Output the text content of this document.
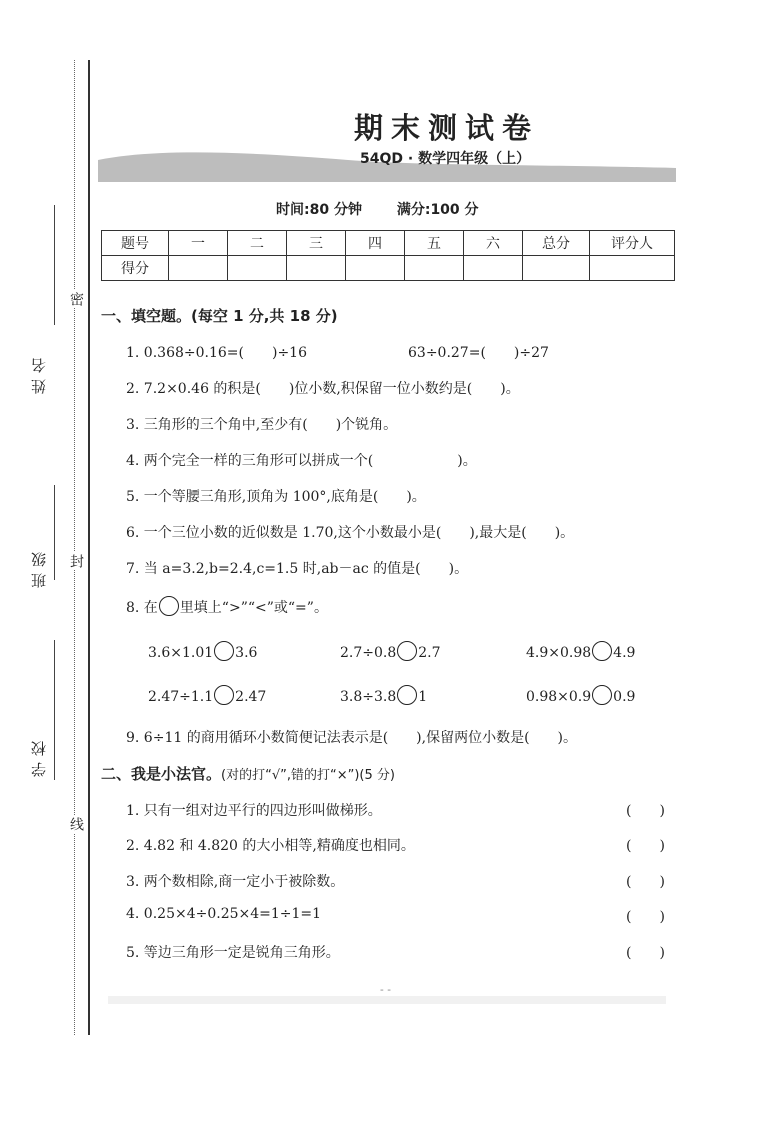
姓名
班级
学校
密
封
线
期末测试卷
54QD · 数学四年级（上）
时间:80 分钟 满分:100 分
题号	一	二	三	四	五	六	总分	评分人
得分								
一、填空题。(每空 1 分,共 18 分)
1. 0.368÷0.16=(　　)÷16	63÷0.27=(　　)÷27
2. 7.2×0.46 的积是(　　)位小数,积保留一位小数约是(　　)。
3. 三角形的三个角中,至少有(　　)个锐角。
4. 两个完全一样的三角形可以拼成一个(　　　　　　)。
5. 一个等腰三角形,顶角为 100°,底角是(　　)。
6. 一个三位小数的近似数是 1.70,这个小数最小是(　　),最大是(　　)。
7. 当 a=3.2,b=2.4,c=1.5 时,ab－ac 的值是(　　)。
8. 在 里填上“>”“<”或“=”。
3.6×1.01 3.6	2.7÷0.8 2.7	4.9×0.98 4.9
2.47÷1.1 2.47	3.8÷3.8 1	0.98×0.9 0.9
9. 6÷11 的商用循环小数简便记法表示是(　　),保留两位小数是(　　)。
二、我是小法官。(对的打“√”,错的打“×”)(5 分)
1. 只有一组对边平行的四边形叫做梯形。	(　　)
2. 4.82 和 4.820 的大小相等,精确度也相同。	(　　)
3. 两个数相除,商一定小于被除数。	(　　)
4. 0.25×4÷0.25×4=1÷1=1	(　　)
5. 等边三角形一定是锐角三角形。	(　　)
- -
